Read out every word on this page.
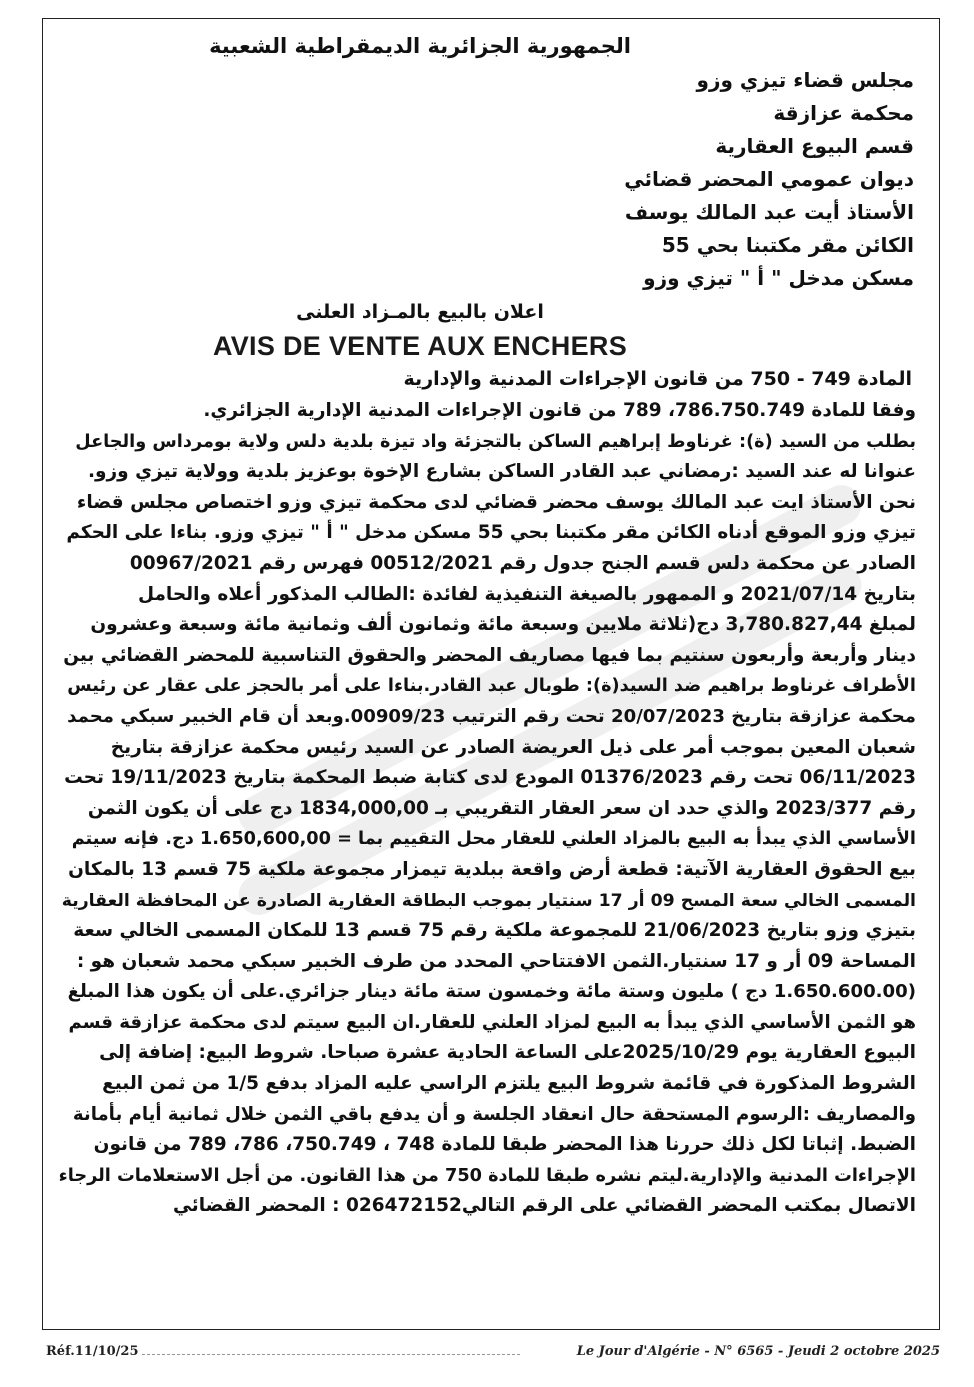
الجمهورية الجزائرية الديمقراطية الشعبية
مجلس قضاء تيزي وزو
محكمة عزازقة
قسم البيوع العقارية
ديوان عمومي المحضر قضائي
الأستاذ أيت عبد المالك يوسف
الكائن مقر مكتبنا بحي 55
مسكن مدخل " أ " تيزي وزو
اعلان بالبيع بالمـزاد العلنى
AVIS DE VENTE AUX ENCHERS
المادة 749 - 750 من قانون الإجراءات المدنية والإدارية
وفقا للمادة 786.750.749، 789 من قانون الإجراءات المدنية الإدارية الجزائري.
بطلب من السيد (ة): غرناوط إبراهيم الساكن بالتجزئة واد تيزة بلدية دلس ولاية بومرداس والجاعل
عنوانا له عند السيد :رمضاني عبد القادر الساكن بشارع الإخوة بوعزيز بلدية وولاية تيزي وزو.
نحن الأستاذ ايت عبد المالك يوسف محضر قضائي لدى محكمة تيزي وزو اختصاص مجلس قضاء
تيزي وزو الموقع أدناه الكائن مقر مكتبنا بحي 55 مسكن مدخل " أ " تيزي وزو. بناءا على الحكم
الصادر عن محكمة دلس قسم الجنح جدول رقم 00512/2021 فهرس رقم 00967/2021
بتاريخ 2021/07/14 و الممهور بالصيغة التنفيذية لفائدة :الطالب المذكور أعلاه والحامل
لمبلغ 3,780.827,44 دج(ثلاثة ملايين وسبعة مائة وثمانون ألف وثمانية مائة وسبعة وعشرون
دينار وأربعة وأربعون سنتيم بما فيها مصاريف المحضر والحقوق التناسبية للمحضر القضائي بين
الأطراف غرناوط براهيم ضد السيد(ة): طوبال عبد القادر.بناءا على أمر بالحجز على عقار عن رئيس
محكمة عزازقة بتاريخ 20/07/2023 تحت رقم الترتيب 00909/23.وبعد أن قام الخبير سبكي محمد
شعبان المعين بموجب أمر على ذيل العريضة الصادر عن السيد رئيس محكمة عزازقة بتاريخ
06/11/2023 تحت رقم 01376/2023 المودع لدى كتابة ضبط المحكمة بتاريخ 19/11/2023 تحت
رقم 2023/377 والذي حدد ان سعر العقار التقريبي بـ 1834,000,00 دج على أن يكون الثمن
الأساسي الذي يبدأ به البيع بالمزاد العلني للعقار محل التقييم بما = 1.650,600,00 دج. فإنه سيتم
بيع الحقوق العقارية الآتية: قطعة أرض واقعة ببلدية تيمزار مجموعة ملكية 75 قسم 13 بالمكان
المسمى الخالي سعة المسح 09 أر 17 سنتيار بموجب البطاقة العقارية الصادرة عن المحافظة العقارية
بتيزي وزو بتاريخ 21/06/2023 للمجموعة ملكية رقم 75 قسم 13 للمكان المسمى الخالي سعة
المساحة 09 أر و 17 سنتيار.الثمن الافتتاحي المحدد من طرف الخبير سبكي محمد شعبان هو :
(1.650.600.00 دج ) مليون وستة مائة وخمسون ستة مائة دينار جزائري.على أن يكون هذا المبلغ
هو الثمن الأساسي الذي يبدأ به البيع لمزاد العلني للعقار.ان البيع سيتم لدى محكمة عزازقة قسم
البيوع العقارية يوم 2025/10/29على الساعة الحادية عشرة صباحا. شروط البيع: إضافة إلى
الشروط المذكورة في قائمة شروط البيع يلتزم الراسي عليه المزاد بدفع 1/5 من ثمن البيع
والمصاريف :الرسوم المستحقة حال انعقاد الجلسة و أن يدفع باقي الثمن خلال ثمانية أيام بأمانة
الضبط. إثباتا لكل ذلك حررنا هذا المحضر طبقا للمادة 748 ، 750.749، 786، 789 من قانون
الإجراءات المدنية والإدارية.ليتم نشره طبقا للمادة 750 من هذا القانون. من أجل الاستعلامات الرجاء
الاتصال بمكتب المحضر القضائي على الرقم التالي026472152 : المحضر القضائي
Réf.11/10/25	Le Jour d'Algérie - N° 6565 - Jeudi 2 octobre 2025
